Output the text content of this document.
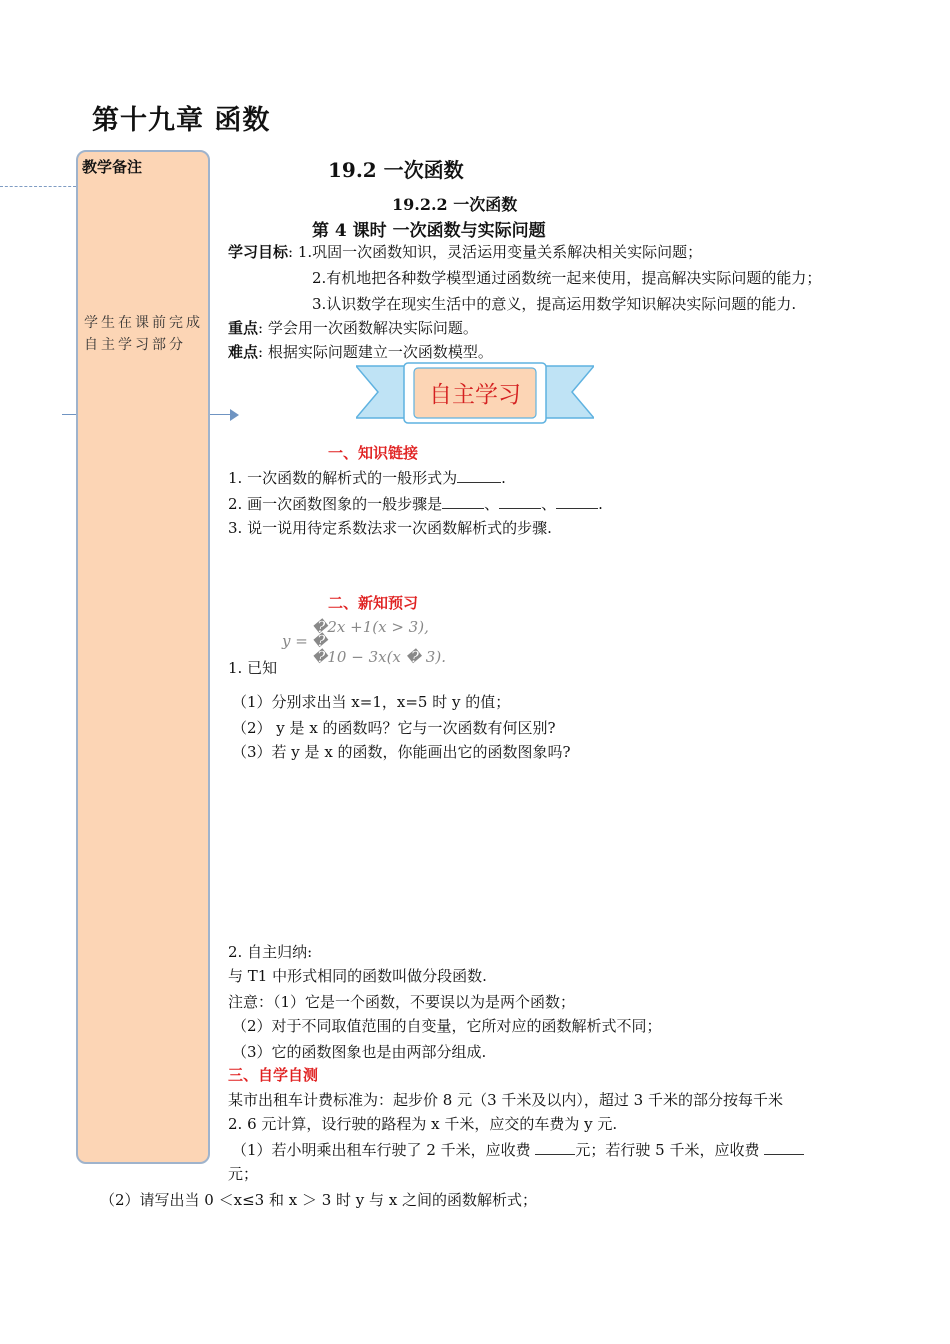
第十九章 函数
教学备注
学生在课前完成
自主学习部分
19.2 一次函数
19.2.2 一次函数
第 4 课时 一次函数与实际问题
学习目标: 1.巩固一次函数知识，灵活运用变量关系解决相关实际问题；
2.有机地把各种数学模型通过函数统一起来使用，提高解决实际问题的能力；
3.认识数学在现实生活中的意义，提高运用数学知识解决实际问题的能力.
重点: 学会用一次函数解决实际问题。
难点: 根据实际问题建立一次函数模型。
自主学习
一、知识链接
1. 一次函数的解析式的一般形式为	.
2. 画一次函数图象的一般步骤是	、	、	.
3. 说一说用待定系数法求一次函数解析式的步骤.
二、新知预习
y =
�2x +1(x > 3),
�
�10 − 3x(x � 3).
1. 已知
（1）分别求出当 x=1，x=5 时 y 的值；
（2） y 是 x 的函数吗？它与一次函数有何区别?
（3）若 y 是 x 的函数，你能画出它的函数图象吗?
2. 自主归纳:
与 T1 中形式相同的函数叫做分段函数.
注意：（1）它是一个函数，不要误以为是两个函数；
（2）对于不同取值范围的自变量，它所对应的函数解析式不同；
（3）它的函数图象也是由两部分组成.
三、自学自测
某市出租车计费标准为：起步价 8 元（3 千米及以内），超过 3 千米的部分按每千米
2. 6 元计算，设行驶的路程为 x 千米，应交的车费为 y 元.
（1）若小明乘出租车行驶了 2 千米，应收费	元；若行驶 5 千米，应收费
元；
（2）请写出当 0 ＜x≤3 和 x ＞ 3 时 y 与 x 之间的函数解析式；
